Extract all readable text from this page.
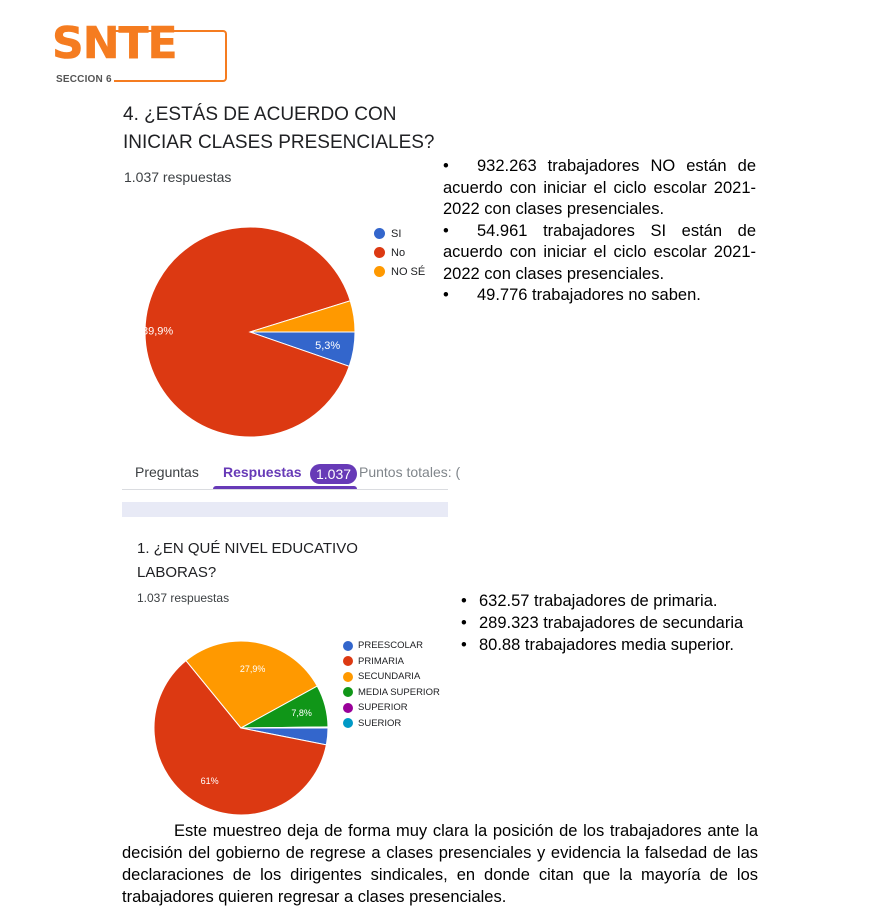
SNTE
SECCION 6
4. ¿ESTÁS DE ACUERDO CON
INICIAR CLASES PRESENCIALES?
1.037 respuestas
5,3%
89,9%
SI
No
NO SÉ
• 932.263 trabajadores NO están de acuerdo con iniciar el ciclo escolar 2021-2022 con clases presenciales.
• 54.961 trabajadores SI están de acuerdo con iniciar el ciclo escolar 2021-2022 con clases presenciales.
• 49.776 trabajadores no saben.
Preguntas Respuestas	1.037 Puntos totales: (
1. ¿EN QUÉ NIVEL EDUCATIVO
LABORAS?
1.037 respuestas
61%
27,9%
7,8%
PREESCOLAR
PRIMARIA
SECUNDARIA
MEDIA SUPERIOR
SUPERIOR
SUERIOR
• 632.57 trabajadores de primaria.
• 289.323 trabajadores de secundaria
• 80.88 trabajadores media superior.
Este muestreo deja de forma muy clara la posición de los trabajadores ante la decisión del gobierno de regrese a clases presenciales y evidencia la falsedad de las declaraciones de los dirigentes sindicales, en donde citan que la mayoría de los trabajadores quieren regresar a clases presenciales.
